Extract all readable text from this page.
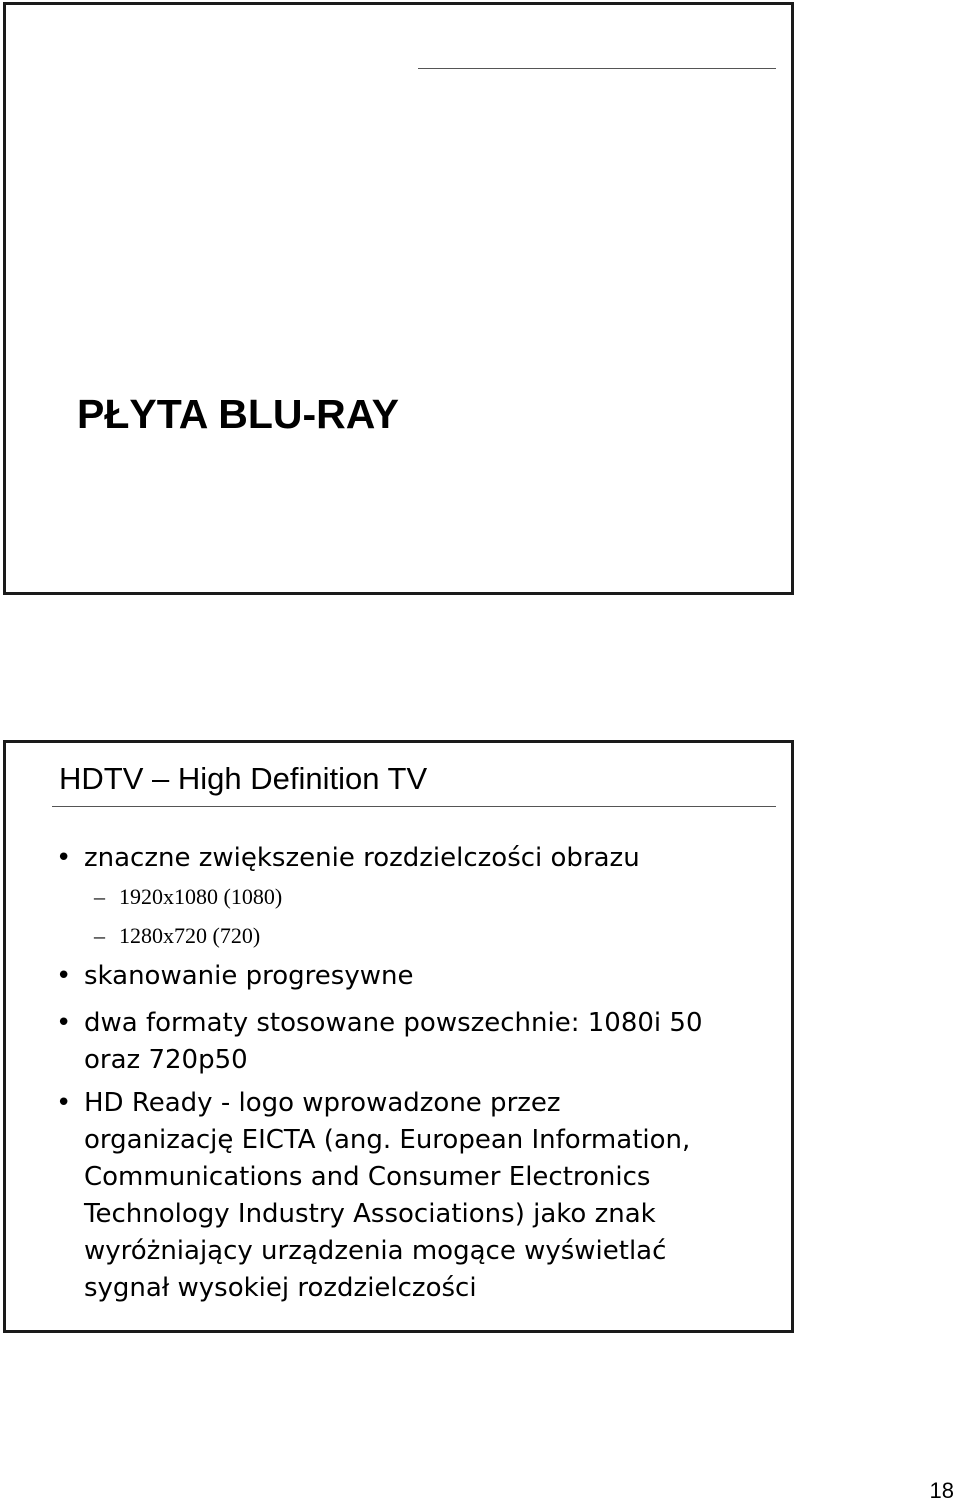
PŁYTA BLU-RAY
HDTV – High Definition TV
• znaczne zwiększenie rozdzielczości obrazu

– 1920x1080 (1080)

– 1280x720 (720)

• skanowanie progresywne

• dwa formaty stosowane powszechnie: 1080i 50

oraz 720p50

• HD Ready - logo wprowadzone przez

organizację EICTA (ang. European Information,

Communications and Consumer Electronics

Technology Industry Associations) jako znak

wyróżniający urządzenia mogące wyświetlać

sygnał wysokiej rozdzielczości

18
